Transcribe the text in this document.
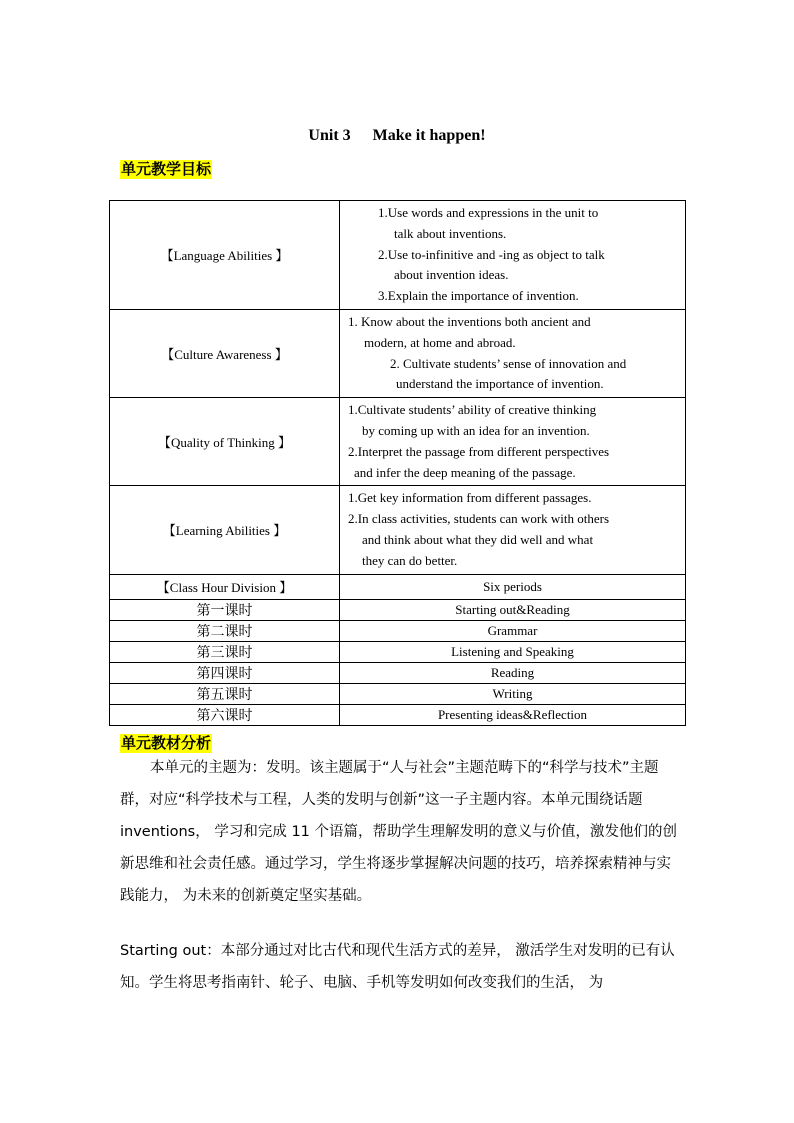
Unit 3 Make it happen!
单元教学目标
【Language Abilities 】	1.Use words and expressions in the unit to
talk about inventions.
2.Use to-infinitive and -ing as object to talk
about invention ideas.
3.Explain the importance of invention.

【Culture Awareness 】	1. Know about the inventions both ancient and
modern, at home and abroad.
2. Cultivate students’ sense of innovation and
understand the importance of invention.

【Quality of Thinking 】	1.Cultivate students’ ability of creative thinking
by coming up with an idea for an invention.
2.Interpret the passage from different perspectives
and infer the deep meaning of the passage.

【Learning Abilities 】	1.Get key information from different passages.
2.In class activities, students can work with others
and think about what they did well and what
they can do better.

【Class Hour Division 】	Six periods
第一课时	Starting out&Reading
第二课时	Grammar
第三课时	Listening and Speaking
第四课时	Reading
第五课时	Writing
第六课时	Presenting ideas&Reflection
单元教材分析
本单元的主题为：发明。该主题属于“人与社会”主题范畴下的“科学与技术”主题群，对应“科学技术与工程，人类的发明与创新”这一子主题内容。本单元围绕话题 inventions， 学习和完成 11 个语篇，帮助学生理解发明的意义与价值，激发他们的创新思维和社会责任感。通过学习，学生将逐步掌握解决问题的技巧，培养探索精神与实践能力， 为未来的创新奠定坚实基础。
Starting out：本部分通过对比古代和现代生活方式的差异， 激活学生对发明的已有认知。学生将思考指南针、轮子、电脑、手机等发明如何改变我们的生活， 为
